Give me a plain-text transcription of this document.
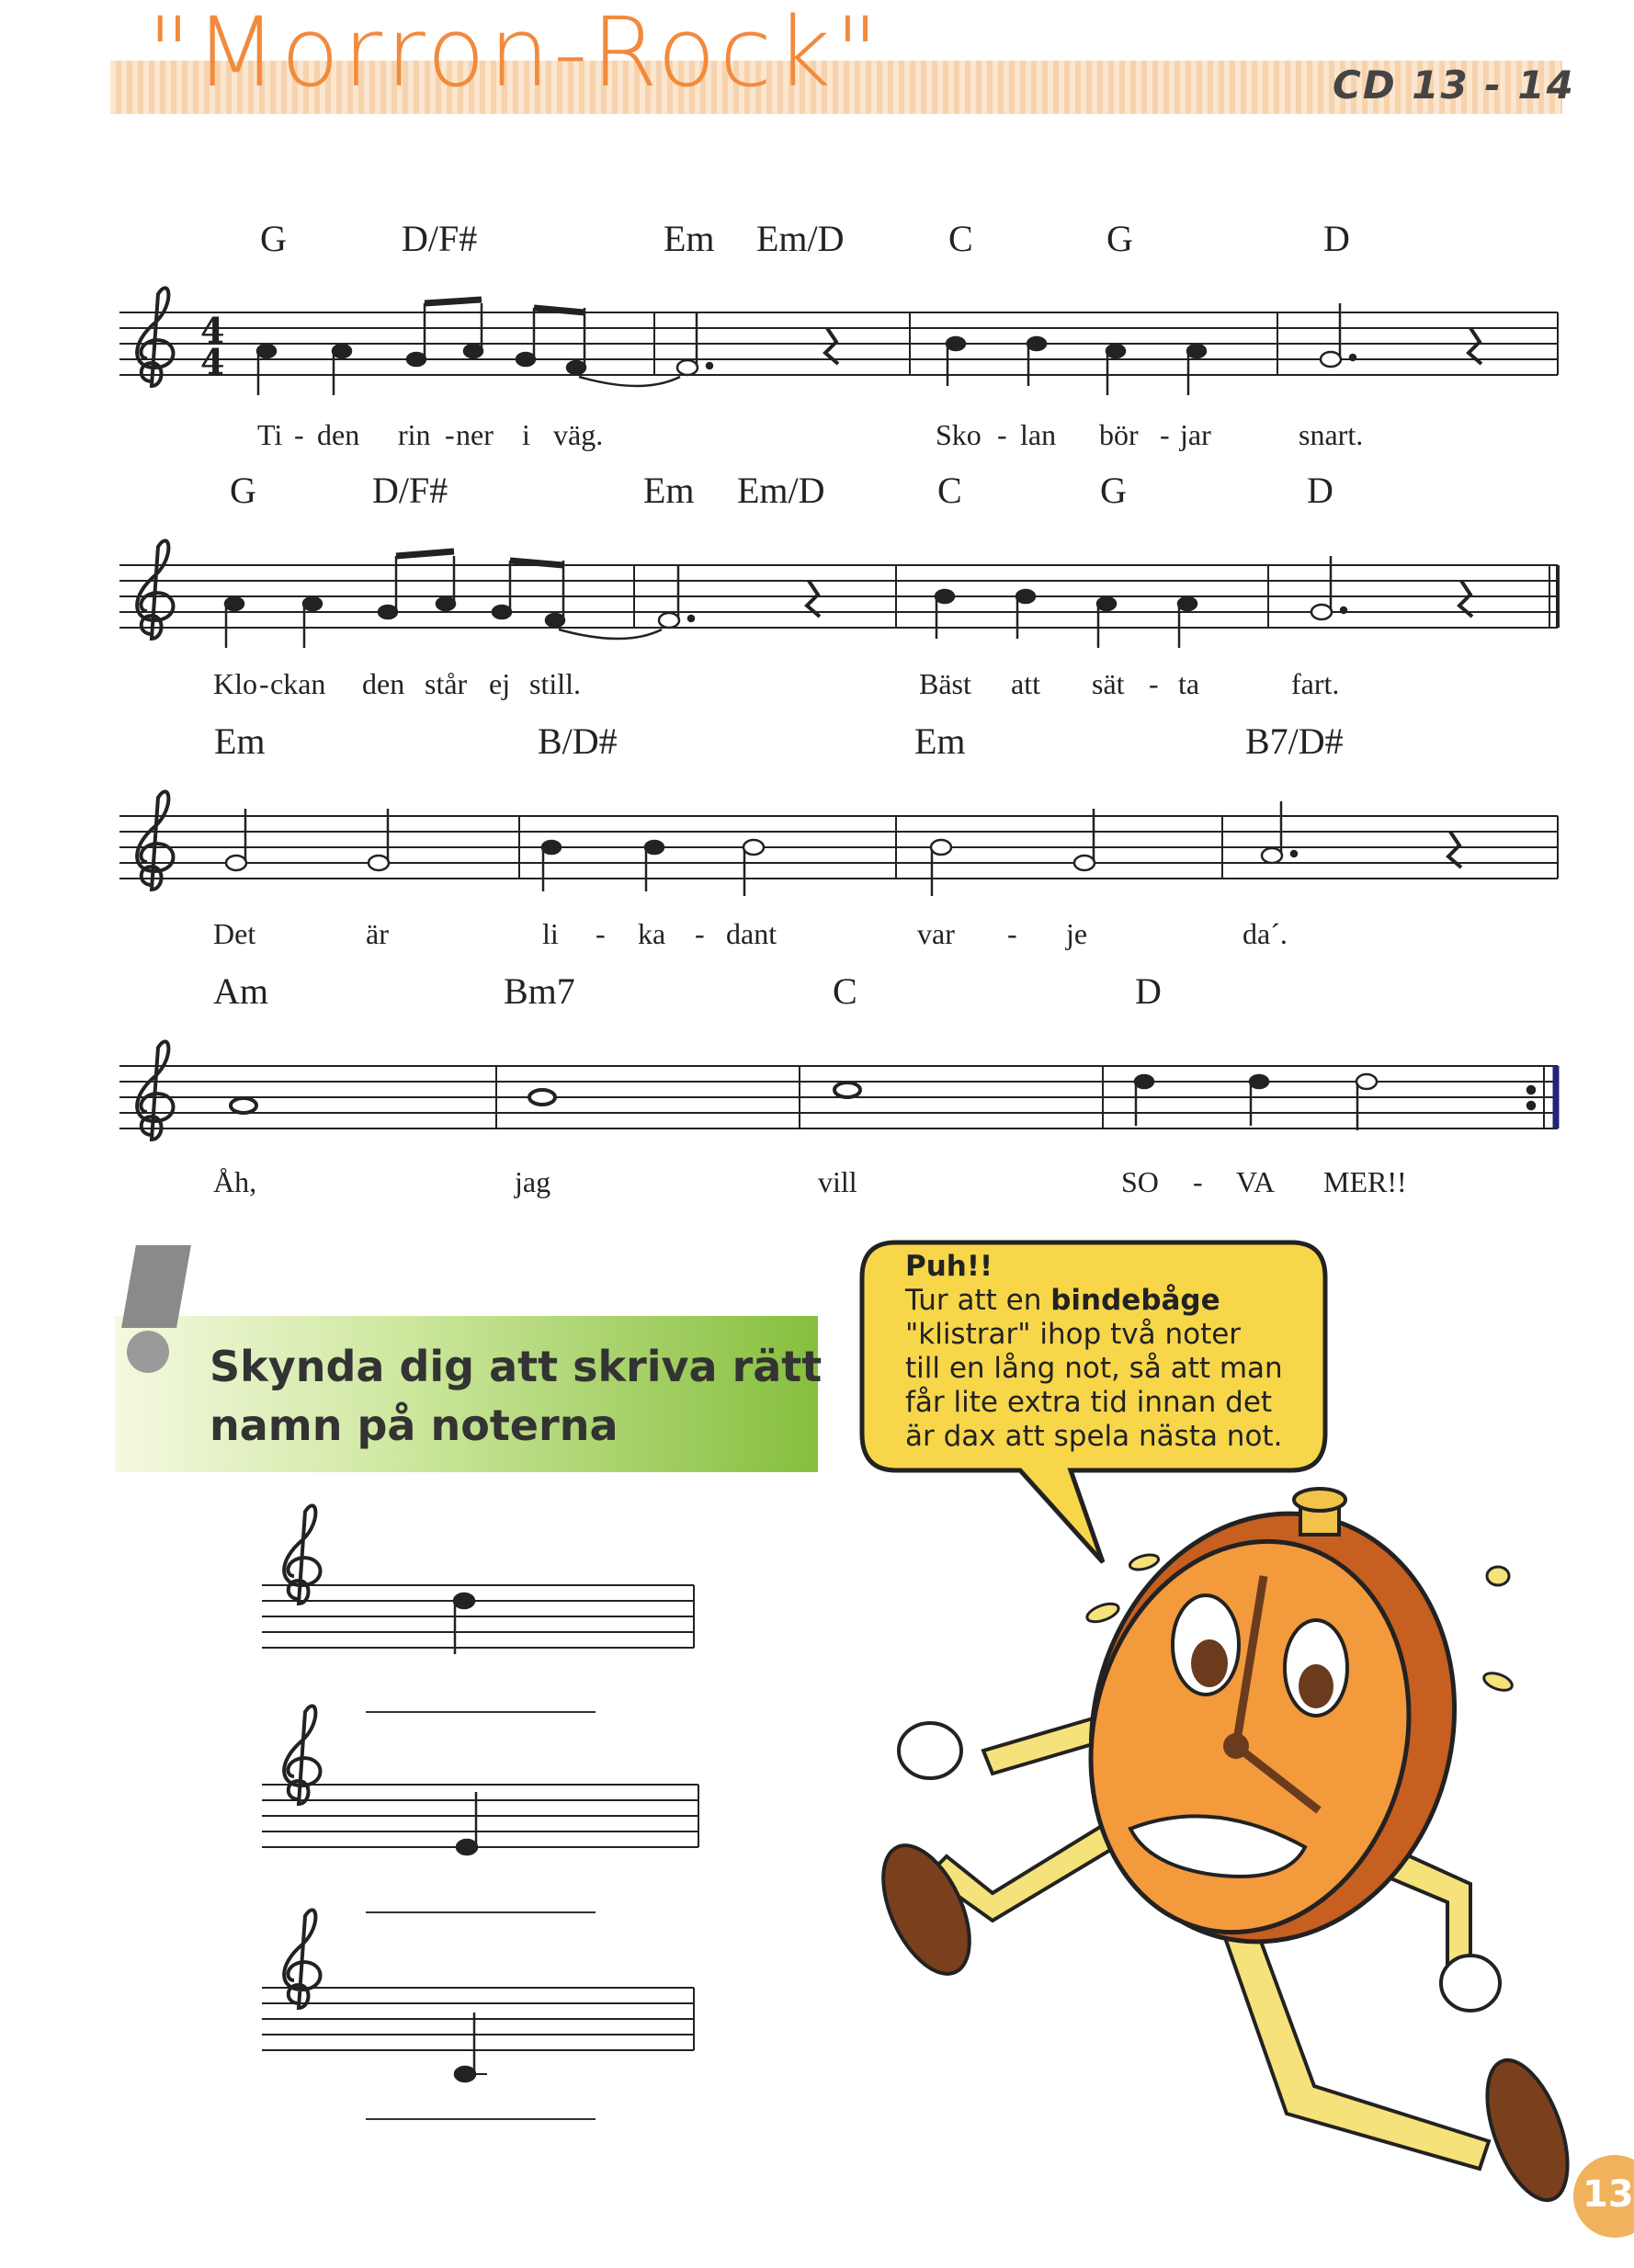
"Morron-Rock"	CD 13 - 14
G	D/F#	Em Em/D	C	G	D
4
4
Ti - den rin - ner i väg.	Sko - lan bör - jar	snart.
G	D/F#	Em Em/D	C	G	D
Klo - ckan den står ej still.	Bäst att sät - ta	fart.
Em	B/D#	Em	B7/D#
Det	är	li - ka - dant	var - je	da´.
Am	Bm7	C	D
Åh,	jag	vill	SO - VA MER!!
Skynda dig att skriva rätt
namn på noterna
Puh!!
Tur att en bindebåge
"klistrar" ihop två noter
till en lång not, så att man
får lite extra tid innan det
är dax att spela nästa not.
13
